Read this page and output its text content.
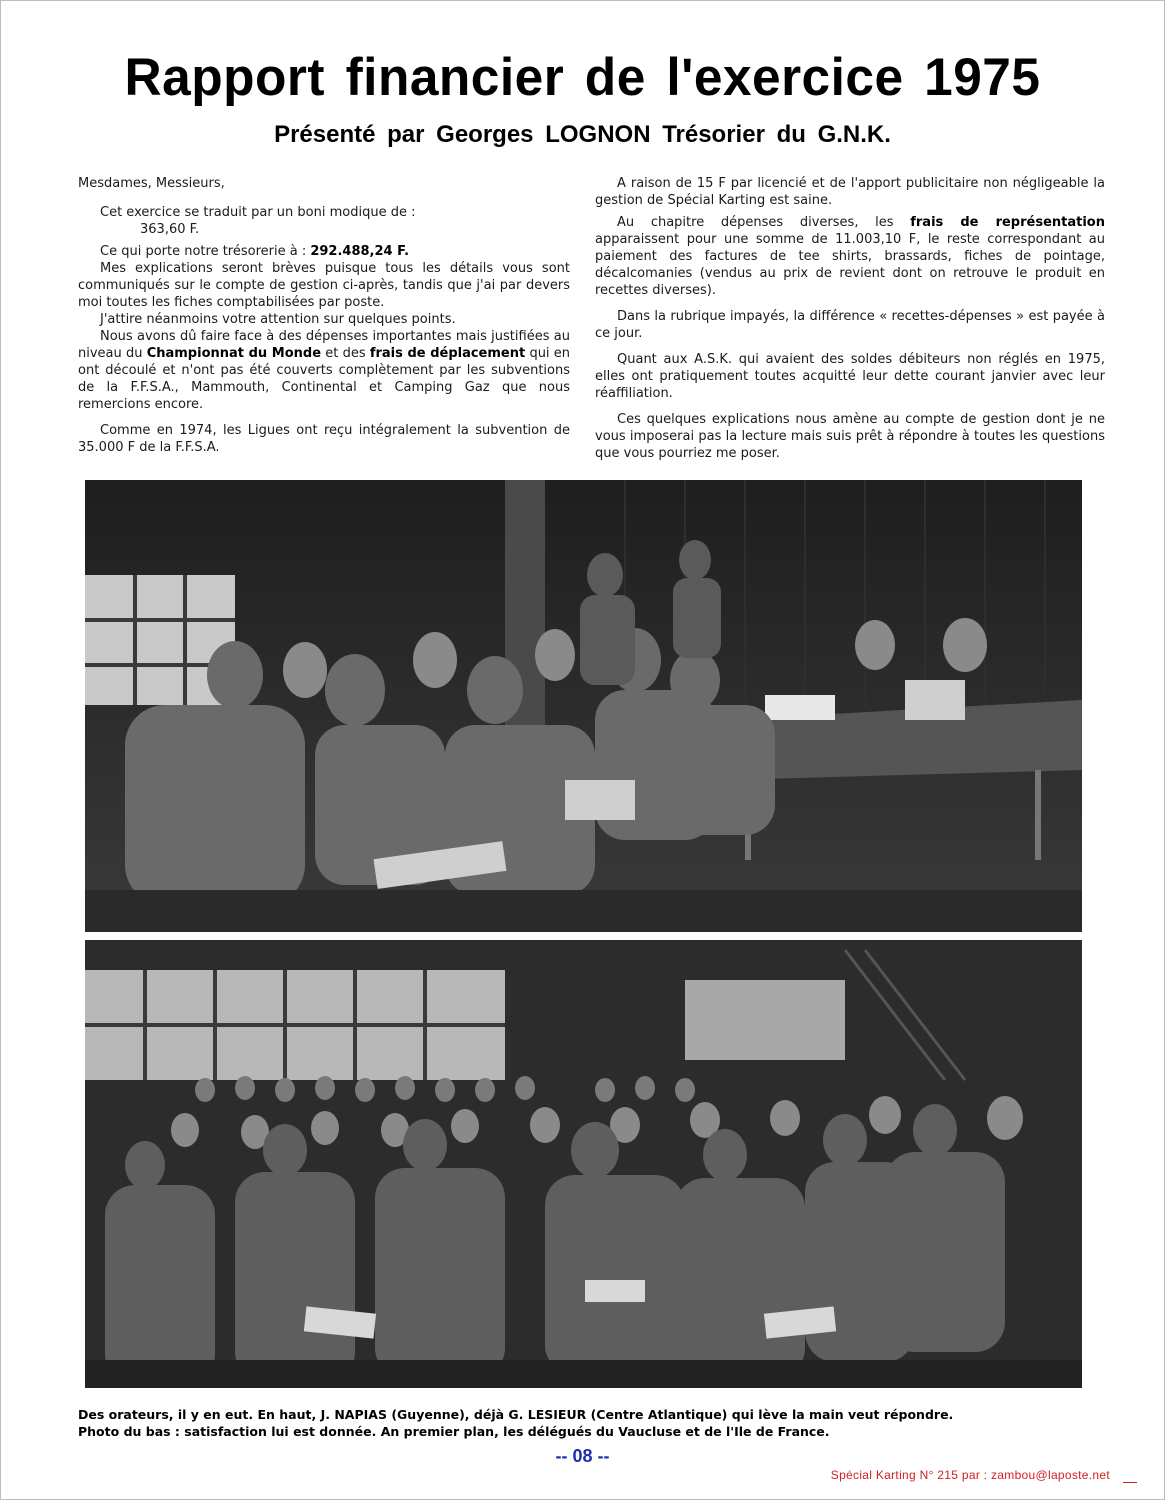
Rapport financier de l'exercice 1975
Présenté par Georges LOGNON Trésorier du G.N.K.

Mesdames, Messieurs,

Cet exercice se traduit par un boni modique de :

363,60 F.

Ce qui porte notre trésorerie à : 292.488,24 F.

Mes explications seront brèves puisque tous les détails vous sont communiqués sur le compte de gestion ci-après, tandis que j'ai par devers moi toutes les fiches comptabilisées par poste.

J'attire néanmoins votre attention sur quelques points.

Nous avons dû faire face à des dépenses importantes mais justifiées au niveau du Championnat du Monde et des frais de déplacement qui en ont découlé et n'ont pas été couverts complètement par les subventions de la F.F.S.A., Mammouth, Continental et Camping Gaz que nous remercions encore.

Comme en 1974, les Ligues ont reçu intégralement la subvention de 35.000 F de la F.F.S.A.

A raison de 15 F par licencié et de l'apport publicitaire non négligeable la gestion de Spécial Karting est saine.

Au chapitre dépenses diverses, les frais de représentation apparaissent pour une somme de 11.003,10 F, le reste correspondant au paiement des factures de tee shirts, brassards, fiches de pointage, décalcomanies (vendus au prix de revient dont on retrouve le produit en recettes diverses).

Dans la rubrique impayés, la différence « recettes-dépenses » est payée à ce jour.

Quant aux A.S.K. qui avaient des soldes débiteurs non réglés en 1975, elles ont pratiquement toutes acquitté leur dette courant janvier avec leur réaffiliation.

Ces quelques explications nous amène au compte de gestion dont je ne vous imposerai pas la lecture mais suis prêt à répondre à toutes les questions que vous pourriez me poser.

Des orateurs, il y en eut. En haut, J. NAPIAS (Guyenne), déjà G. LESIEUR (Centre Atlantique) qui lève la main veut répondre.
Photo du bas : satisfaction lui est donnée. An premier plan, les délégués du Vaucluse et de l'Ile de France.
-- 08 --
Spécial Karting N° 215 par : zambou@laposte.net
